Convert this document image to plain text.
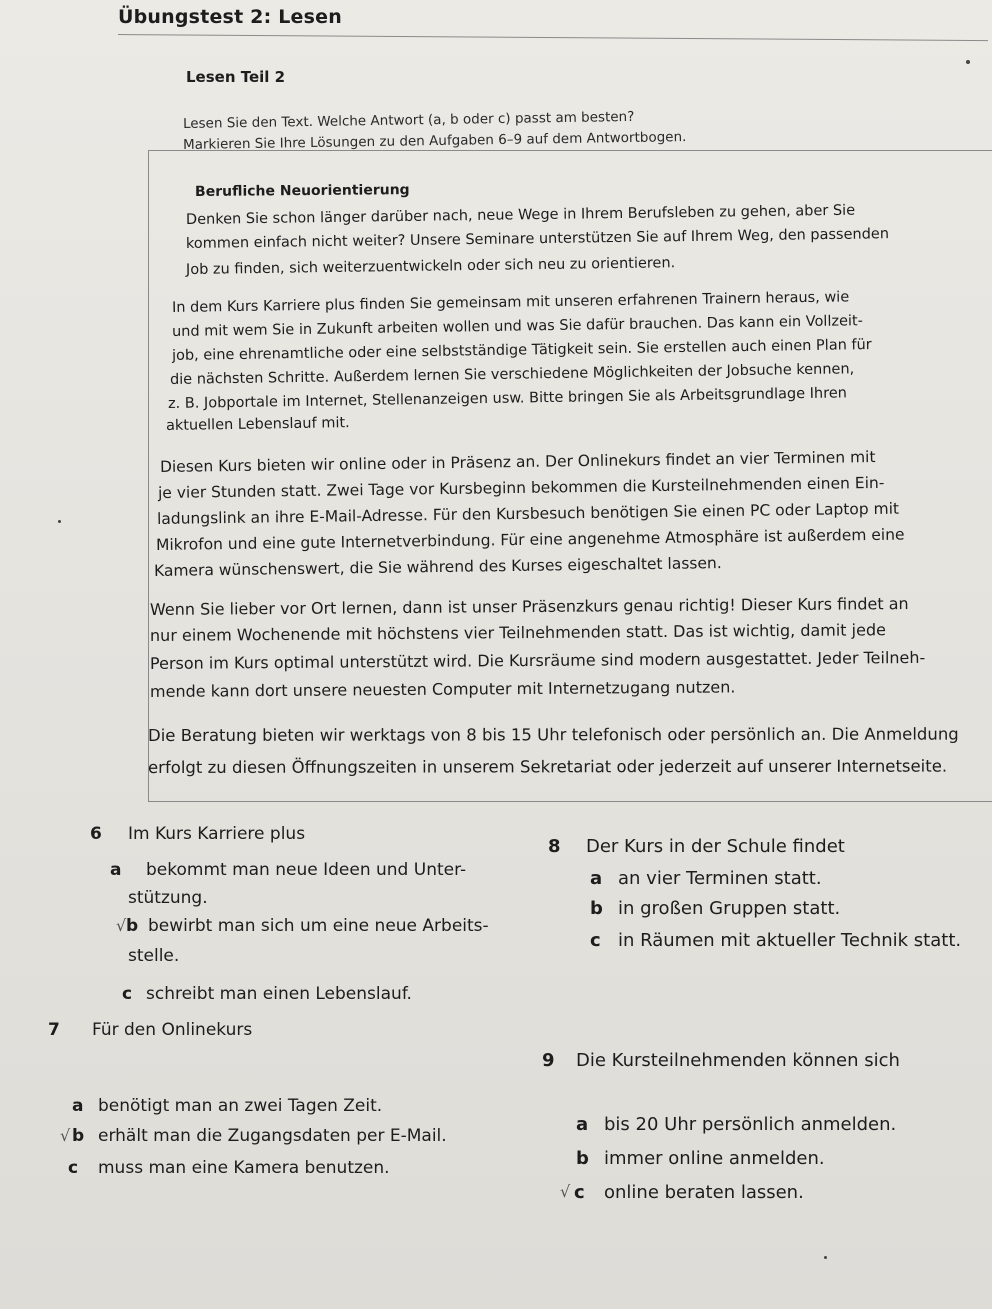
Übungstest 2: Lesen
Lesen Teil 2
Lesen Sie den Text. Welche Antwort (a, b oder c) passt am besten?
Markieren Sie Ihre Lösungen zu den Aufgaben 6–9 auf dem Antwortbogen.
Berufliche Neuorientierung
Denken Sie schon länger darüber nach, neue Wege in Ihrem Berufsleben zu gehen, aber Sie
kommen einfach nicht weiter? Unsere Seminare unterstützen Sie auf Ihrem Weg, den passenden
Job zu finden, sich weiterzuentwickeln oder sich neu zu orientieren.
In dem Kurs Karriere plus finden Sie gemeinsam mit unseren erfahrenen Trainern heraus, wie
und mit wem Sie in Zukunft arbeiten wollen und was Sie dafür brauchen. Das kann ein Vollzeit-
job, eine ehrenamtliche oder eine selbstständige Tätigkeit sein. Sie erstellen auch einen Plan für
die nächsten Schritte. Außerdem lernen Sie verschiedene Möglichkeiten der Jobsuche kennen,
z. B. Jobportale im Internet, Stellenanzeigen usw. Bitte bringen Sie als Arbeitsgrundlage Ihren
aktuellen Lebenslauf mit.
Diesen Kurs bieten wir online oder in Präsenz an. Der Onlinekurs findet an vier Terminen mit
je vier Stunden statt. Zwei Tage vor Kursbeginn bekommen die Kursteilnehmenden einen Ein-
ladungslink an ihre E-Mail-Adresse. Für den Kursbesuch benötigen Sie einen PC oder Laptop mit
Mikrofon und eine gute Internetverbindung. Für eine angenehme Atmosphäre ist außerdem eine
Kamera wünschenswert, die Sie während des Kurses eigeschaltet lassen.
Wenn Sie lieber vor Ort lernen, dann ist unser Präsenzkurs genau richtig! Dieser Kurs findet an
nur einem Wochenende mit höchstens vier Teilnehmenden statt. Das ist wichtig, damit jede
Person im Kurs optimal unterstützt wird. Die Kursräume sind modern ausgestattet. Jeder Teilneh-
mende kann dort unsere neuesten Computer mit Internetzugang nutzen.
Die Beratung bieten wir werktags von 8 bis 15 Uhr telefonisch oder persönlich an. Die Anmeldung
erfolgt zu diesen Öffnungszeiten in unserem Sekretariat oder jederzeit auf unserer Internetseite.
6 Im Kurs Karriere plus
a bekommt man neue Ideen und Unter-
stützung.
√ b bewirbt man sich um eine neue Arbeits-
stelle.
c schreibt man einen Lebenslauf.
7 Für den Onlinekurs
a benötigt man an zwei Tagen Zeit.
√ b erhält man die Zugangsdaten per E-Mail.
c muss man eine Kamera benutzen.
8 Der Kurs in der Schule findet
a an vier Terminen statt.
b in großen Gruppen statt.
c in Räumen mit aktueller Technik statt.
9 Die Kursteilnehmenden können sich
a bis 20 Uhr persönlich anmelden.
b immer online anmelden.
√ c online beraten lassen.
